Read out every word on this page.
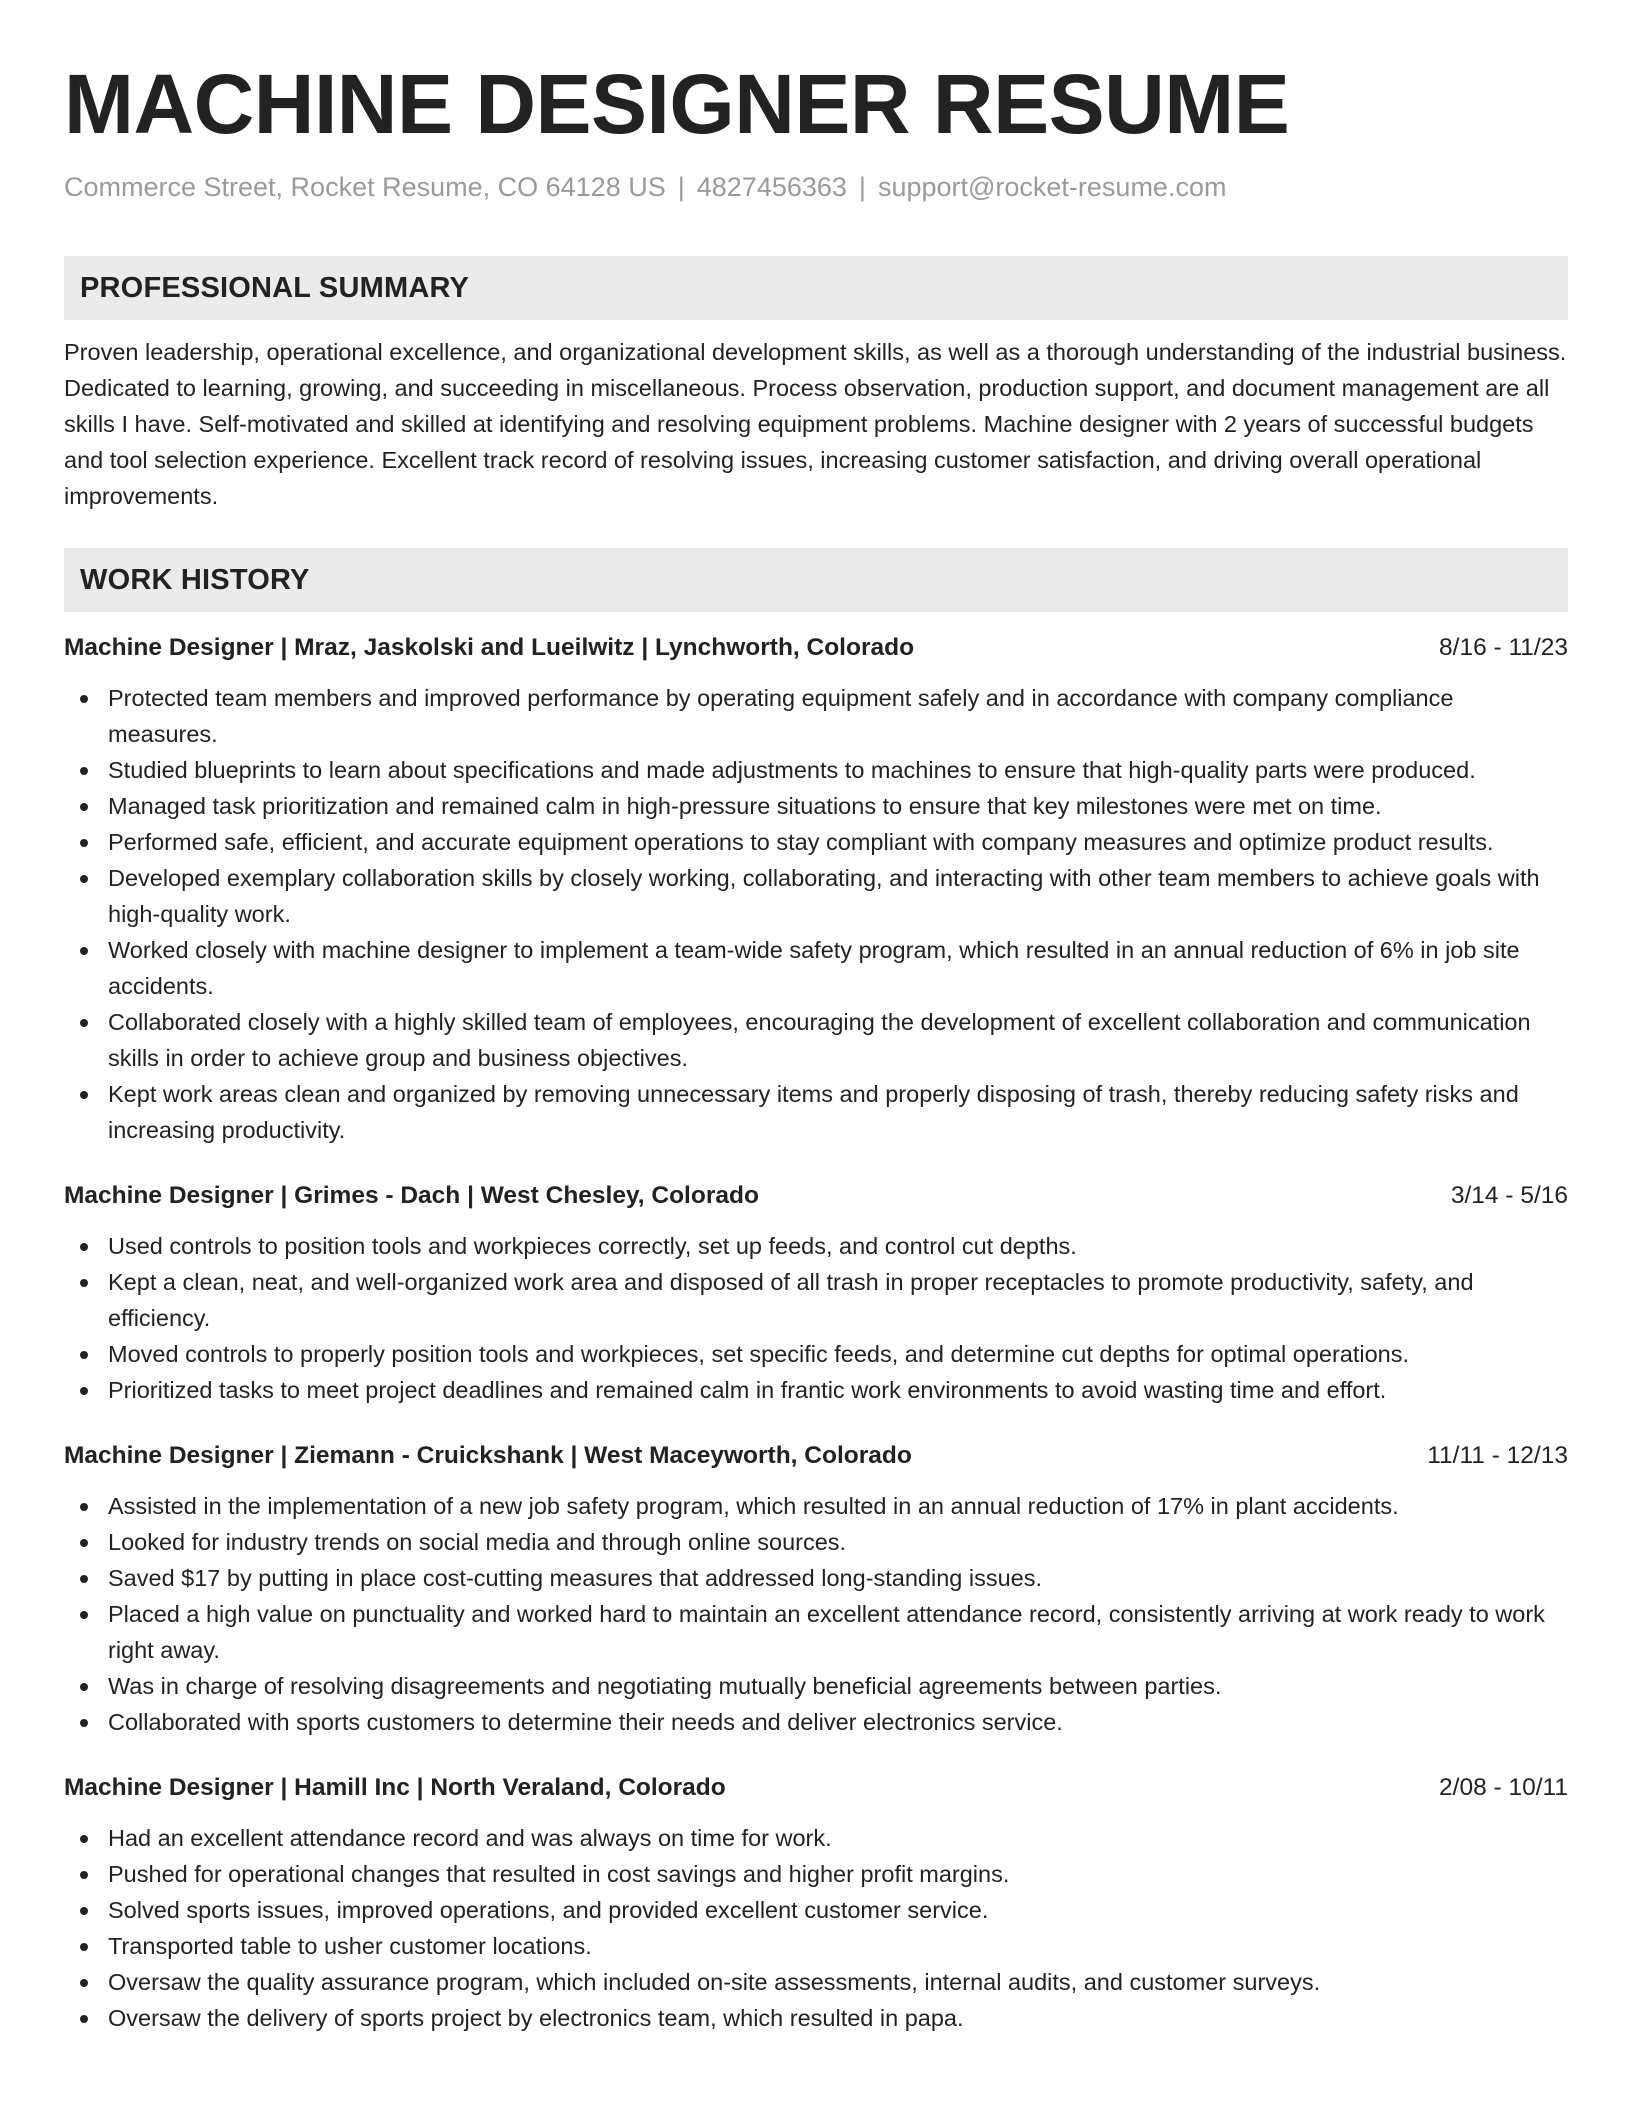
MACHINE DESIGNER RESUME
Commerce Street, Rocket Resume, CO 64128 US | 4827456363 | support@rocket-resume.com
PROFESSIONAL SUMMARY
Proven leadership, operational excellence, and organizational development skills, as well as a thorough understanding of the industrial business. Dedicated to learning, growing, and succeeding in miscellaneous. Process observation, production support, and document management are all skills I have. Self-motivated and skilled at identifying and resolving equipment problems. Machine designer with 2 years of successful budgets and tool selection experience. Excellent track record of resolving issues, increasing customer satisfaction, and driving overall operational improvements.
WORK HISTORY
Machine Designer | Mraz, Jaskolski and Lueilwitz | Lynchworth, Colorado	8/16 - 11/23
Protected team members and improved performance by operating equipment safely and in accordance with company compliance measures.
Studied blueprints to learn about specifications and made adjustments to machines to ensure that high-quality parts were produced.
Managed task prioritization and remained calm in high-pressure situations to ensure that key milestones were met on time.
Performed safe, efficient, and accurate equipment operations to stay compliant with company measures and optimize product results.
Developed exemplary collaboration skills by closely working, collaborating, and interacting with other team members to achieve goals with high-quality work.
Worked closely with machine designer to implement a team-wide safety program, which resulted in an annual reduction of 6% in job site accidents.
Collaborated closely with a highly skilled team of employees, encouraging the development of excellent collaboration and communication skills in order to achieve group and business objectives.
Kept work areas clean and organized by removing unnecessary items and properly disposing of trash, thereby reducing safety risks and increasing productivity.
Machine Designer | Grimes - Dach | West Chesley, Colorado	3/14 - 5/16
Used controls to position tools and workpieces correctly, set up feeds, and control cut depths.
Kept a clean, neat, and well-organized work area and disposed of all trash in proper receptacles to promote productivity, safety, and efficiency.
Moved controls to properly position tools and workpieces, set specific feeds, and determine cut depths for optimal operations.
Prioritized tasks to meet project deadlines and remained calm in frantic work environments to avoid wasting time and effort.
Machine Designer | Ziemann - Cruickshank | West Maceyworth, Colorado	11/11 - 12/13
Assisted in the implementation of a new job safety program, which resulted in an annual reduction of 17% in plant accidents.
Looked for industry trends on social media and through online sources.
Saved $17 by putting in place cost-cutting measures that addressed long-standing issues.
Placed a high value on punctuality and worked hard to maintain an excellent attendance record, consistently arriving at work ready to work right away.
Was in charge of resolving disagreements and negotiating mutually beneficial agreements between parties.
Collaborated with sports customers to determine their needs and deliver electronics service.
Machine Designer | Hamill Inc | North Veraland, Colorado	2/08 - 10/11
Had an excellent attendance record and was always on time for work.
Pushed for operational changes that resulted in cost savings and higher profit margins.
Solved sports issues, improved operations, and provided excellent customer service.
Transported table to usher customer locations.
Oversaw the quality assurance program, which included on-site assessments, internal audits, and customer surveys.
Oversaw the delivery of sports project by electronics team, which resulted in papa.
